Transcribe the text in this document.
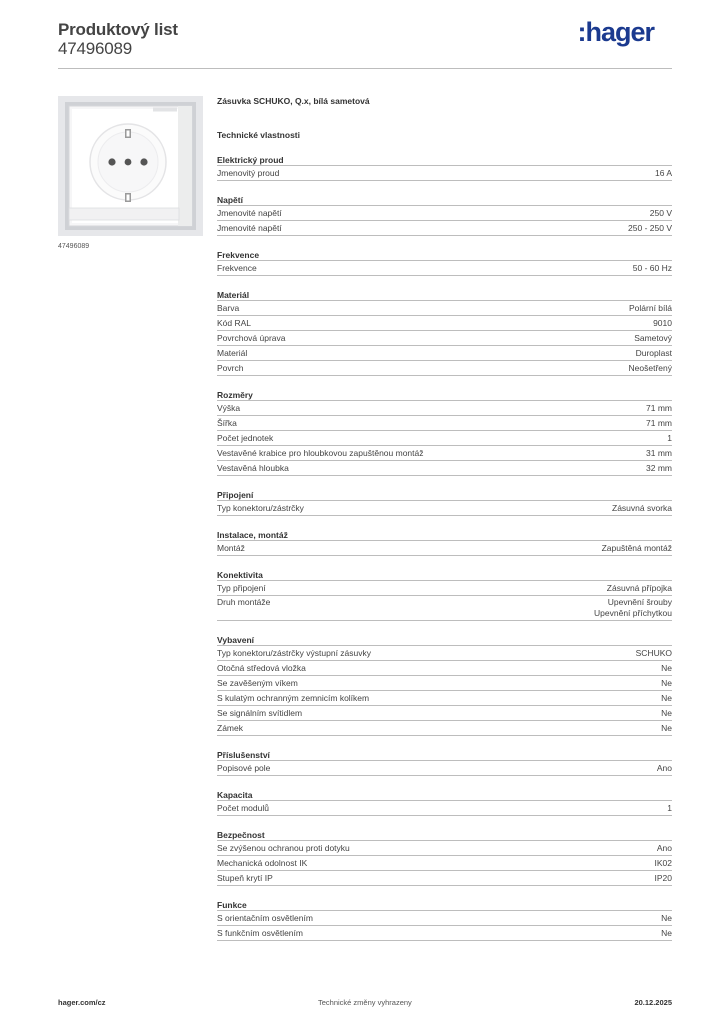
Produktový list
47496089
:hager
47496089
Zásuvka SCHUKO, Q.x, bílá sametová
Technické vlastnosti
Elektrický proud
Jmenovitý proud	16 A
Napětí
Jmenovité napětí	250 V
Jmenovité napětí	250 - 250 V
Frekvence
Frekvence	50 - 60 Hz
Materiál
Barva	Polární bílá
Kód RAL	9010
Povrchová úprava	Sametový
Materiál	Duroplast
Povrch	Neošetřený
Rozměry
Výška	71 mm
Šířka	71 mm
Počet jednotek	1
Vestavěné krabice pro hloubkovou zapuštěnou montáž	31 mm
Vestavěná hloubka	32 mm
Připojení
Typ konektoru/zástrčky	Zásuvná svorka
Instalace, montáž
Montáž	Zapuštěná montáž
Konektivita
Typ připojení	Zásuvná přípojka
Druh montáže	Upevnění šrouby
Upevnění příchytkou
Vybavení
Typ konektoru/zástrčky výstupní zásuvky	SCHUKO
Otočná středová vložka	Ne
Se zavěšeným víkem	Ne
S kulatým ochranným zemnicím kolíkem	Ne
Se signálním svítidlem	Ne
Zámek	Ne
Příslušenství
Popisové pole	Ano
Kapacita
Počet modulů	1
Bezpečnost
Se zvýšenou ochranou proti dotyku	Ano
Mechanická odolnost IK	IK02
Stupeň krytí IP	IP20
Funkce
S orientačním osvětlením	Ne
S funkčním osvětlením	Ne
hager.com/cz	Technické změny vyhrazeny	20.12.2025
